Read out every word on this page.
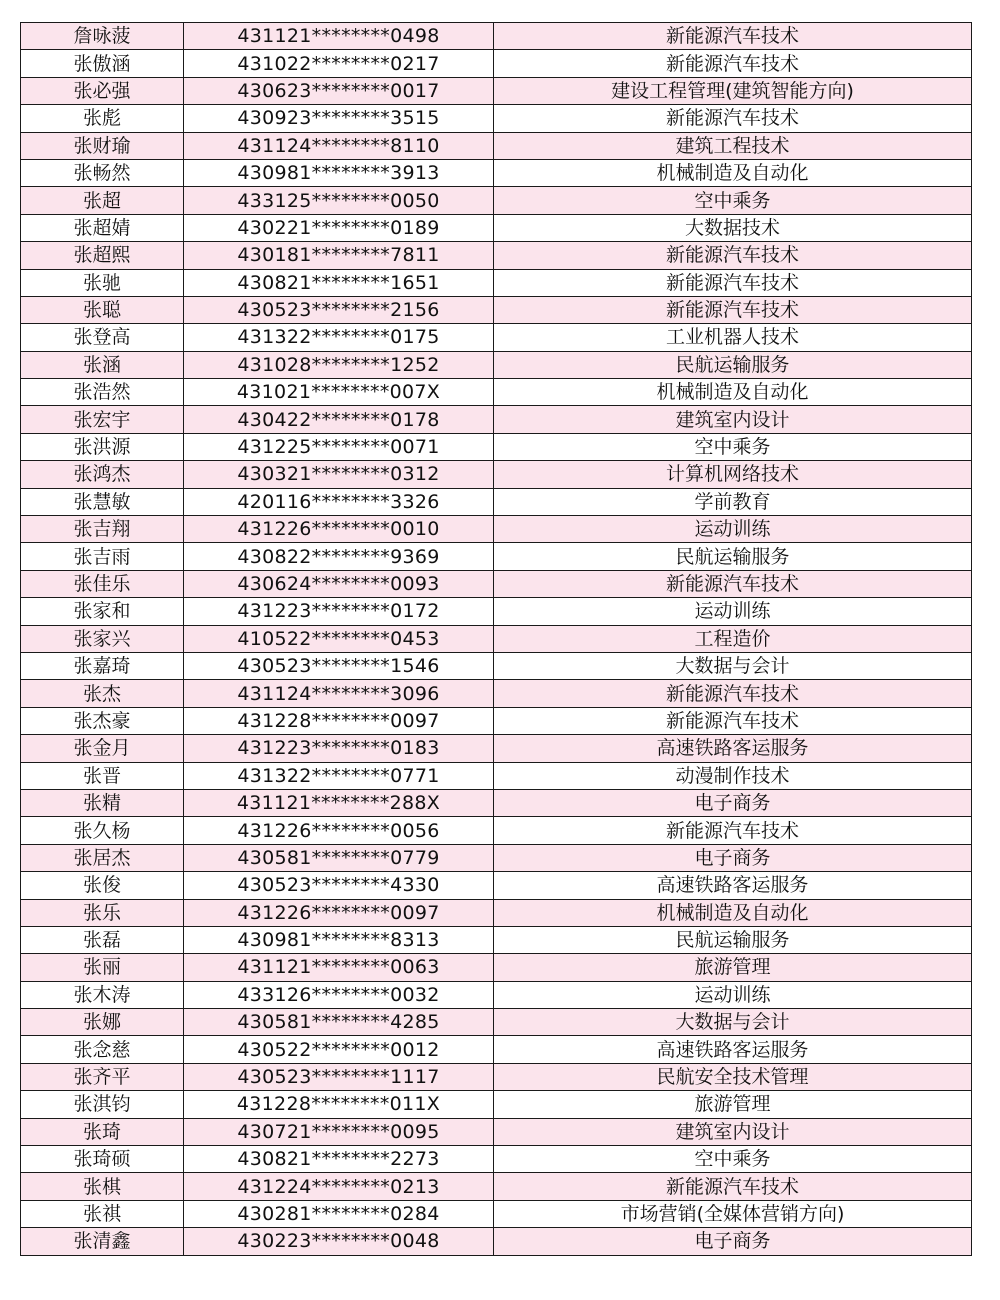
詹咏菠	431121********0498	新能源汽车技术
张傲涵	431022********0217	新能源汽车技术
张必强	430623********0017	建设工程管理(建筑智能方向)
张彪	430923********3515	新能源汽车技术
张财瑜	431124********8110	建筑工程技术
张畅然	430981********3913	机械制造及自动化
张超	433125********0050	空中乘务
张超婧	430221********0189	大数据技术
张超熙	430181********7811	新能源汽车技术
张驰	430821********1651	新能源汽车技术
张聪	430523********2156	新能源汽车技术
张登高	431322********0175	工业机器人技术
张涵	431028********1252	民航运输服务
张浩然	431021********007X	机械制造及自动化
张宏宇	430422********0178	建筑室内设计
张洪源	431225********0071	空中乘务
张鸿杰	430321********0312	计算机网络技术
张慧敏	420116********3326	学前教育
张吉翔	431226********0010	运动训练
张吉雨	430822********9369	民航运输服务
张佳乐	430624********0093	新能源汽车技术
张家和	431223********0172	运动训练
张家兴	410522********0453	工程造价
张嘉琦	430523********1546	大数据与会计
张杰	431124********3096	新能源汽车技术
张杰豪	431228********0097	新能源汽车技术
张金月	431223********0183	高速铁路客运服务
张晋	431322********0771	动漫制作技术
张精	431121********288X	电子商务
张久杨	431226********0056	新能源汽车技术
张居杰	430581********0779	电子商务
张俊	430523********4330	高速铁路客运服务
张乐	431226********0097	机械制造及自动化
张磊	430981********8313	民航运输服务
张丽	431121********0063	旅游管理
张木涛	433126********0032	运动训练
张娜	430581********4285	大数据与会计
张念慈	430522********0012	高速铁路客运服务
张齐平	430523********1117	民航安全技术管理
张淇钧	431228********011X	旅游管理
张琦	430721********0095	建筑室内设计
张琦硕	430821********2273	空中乘务
张棋	431224********0213	新能源汽车技术
张祺	430281********0284	市场营销(全媒体营销方向)
张清鑫	430223********0048	电子商务
